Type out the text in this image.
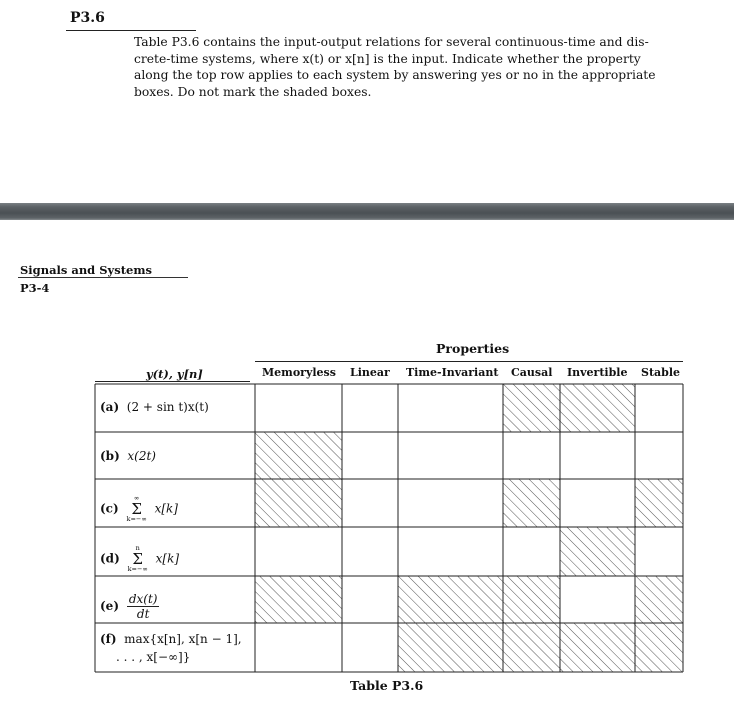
P3.6

Table P3.6 contains the input-output relations for several continuous-time and dis-
crete-time systems, where x(t) or x[n] is the input. Indicate whether the property
along the top row applies to each system by answering yes or no in the appropriate
boxes. Do not mark the shaded boxes.

Signals and Systems
P3-4
Properties
y(t), y[n]	Memoryless Linear Time-Invariant Causal Invertible Stable
(a) (2 + sin t)x(t)
(b) x(2t)
(c) ∞
Σ
k=−∞ x[k]
(d) n
Σ
k=−∞ x[k]
$(e) \frac{dx(t)}{dt}$
(f) max{x[n], x[n − 1],
. . . , x[−∞]}
Table P3.6
